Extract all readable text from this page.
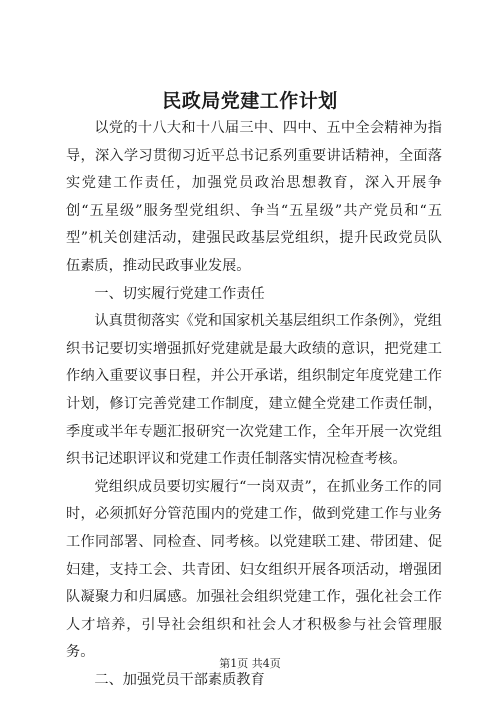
民政局党建工作计划

以党的十八大和十八届三中、四中、五中全会精神为指导，深入学习贯彻习近平总书记系列重要讲话精神，全面落实党建工作责任，加强党员政治思想教育，深入开展争创“五星级”服务型党组织、争当“五星级”共产党员和“五型”机关创建活动，建强民政基层党组织，提升民政党员队伍素质，推动民政事业发展。

一、切实履行党建工作责任

认真贯彻落实《党和国家机关基层组织工作条例》，党组织书记要切实增强抓好党建就是最大政绩的意识，把党建工作纳入重要议事日程，并公开承诺，组织制定年度党建工作计划，修订完善党建工作制度，建立健全党建工作责任制，季度或半年专题汇报研究一次党建工作，全年开展一次党组织书记述职评议和党建工作责任制落实情况检查考核。

党组织成员要切实履行“一岗双责”，在抓业务工作的同时，必须抓好分管范围内的党建工作，做到党建工作与业务工作同部署、同检查、同考核。以党建联工建、带团建、促妇建，支持工会、共青团、妇女组织开展各项活动，增强团队凝聚力和归属感。加强社会组织党建工作，强化社会工作人才培养，引导社会组织和社会人才积极参与社会管理服务。

二、加强党员干部素质教育

第1页 共4页
